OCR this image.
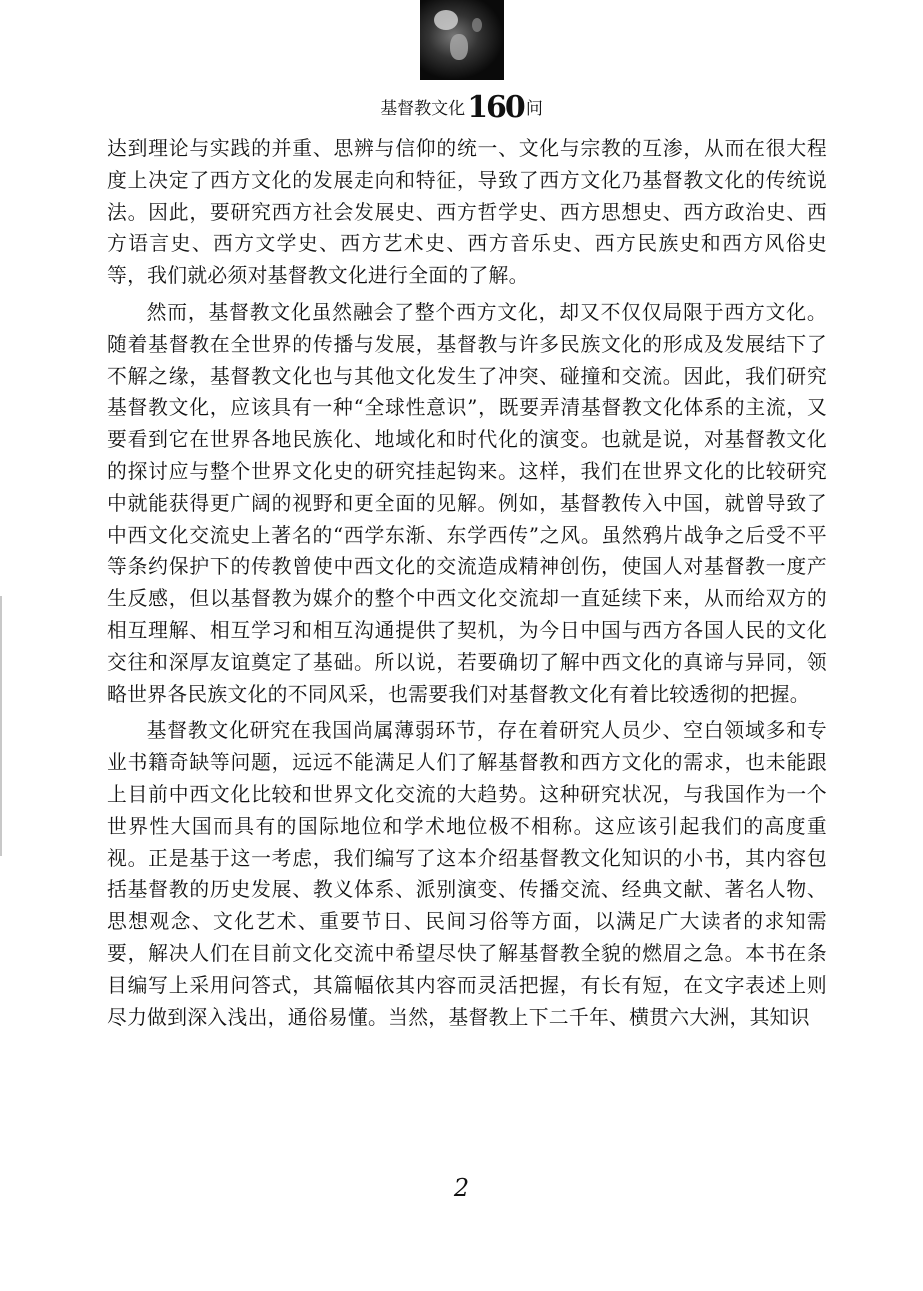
基督教文化 160 问

达到理论与实践的并重、思辨与信仰的统一、文化与宗教的互渗，从而在很大程度上决定了西方文化的发展走向和特征，导致了西方文化乃基督教文化的传统说法。因此，要研究西方社会发展史、西方哲学史、西方思想史、西方政治史、西方语言史、西方文学史、西方艺术史、西方音乐史、西方民族史和西方风俗史等，我们就必须对基督教文化进行全面的了解。

然而，基督教文化虽然融会了整个西方文化，却又不仅仅局限于西方文化。随着基督教在全世界的传播与发展，基督教与许多民族文化的形成及发展结下了不解之缘，基督教文化也与其他文化发生了冲突、碰撞和交流。因此，我们研究基督教文化，应该具有一种“全球性意识”，既要弄清基督教文化体系的主流，又要看到它在世界各地民族化、地域化和时代化的演变。也就是说，对基督教文化的探讨应与整个世界文化史的研究挂起钩来。这样，我们在世界文化的比较研究中就能获得更广阔的视野和更全面的见解。例如，基督教传入中国，就曾导致了中西文化交流史上著名的“西学东渐、东学西传”之风。虽然鸦片战争之后受不平等条约保护下的传教曾使中西文化的交流造成精神创伤，使国人对基督教一度产生反感，但以基督教为媒介的整个中西文化交流却一直延续下来，从而给双方的相互理解、相互学习和相互沟通提供了契机，为今日中国与西方各国人民的文化交往和深厚友谊奠定了基础。所以说，若要确切了解中西文化的真谛与异同，领略世界各民族文化的不同风采，也需要我们对基督教文化有着比较透彻的把握。

基督教文化研究在我国尚属薄弱环节，存在着研究人员少、空白领域多和专业书籍奇缺等问题，远远不能满足人们了解基督教和西方文化的需求，也未能跟上目前中西文化比较和世界文化交流的大趋势。这种研究状况，与我国作为一个世界性大国而具有的国际地位和学术地位极不相称。这应该引起我们的高度重视。正是基于这一考虑，我们编写了这本介绍基督教文化知识的小书，其内容包括基督教的历史发展、教义体系、派别演变、传播交流、经典文献、著名人物、思想观念、文化艺术、重要节日、民间习俗等方面，以满足广大读者的求知需要，解决人们在目前文化交流中希望尽快了解基督教全貌的燃眉之急。本书在条目编写上采用问答式，其篇幅依其内容而灵活把握，有长有短，在文字表述上则尽力做到深入浅出，通俗易懂。当然，基督教上下二千年、横贯六大洲，其知识

2
